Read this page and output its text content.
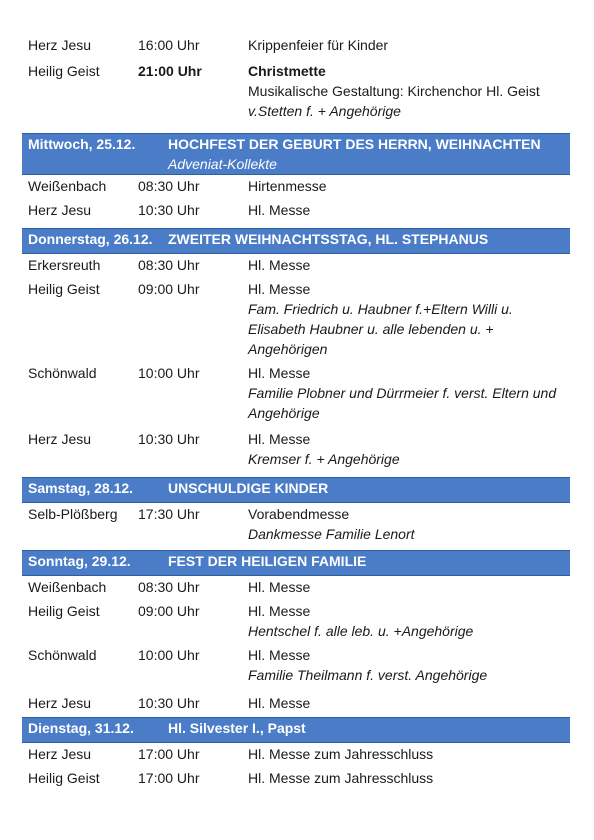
Herz Jesu	16:00 Uhr	Krippenfeier für Kinder
Heilig Geist	21:00 Uhr	Christmette
Musikalische Gestaltung: Kirchenchor Hl. Geist
v.Stetten f. + Angehörige
Mittwoch, 25.12. HOCHFEST DER GEBURT DES HERRN, WEIHNACHTEN
Adveniat-Kollekte
Weißenbach 08:30 Uhr	Hirtenmesse
Herz Jesu	10:30 Uhr	Hl. Messe
Donnerstag, 26.12. ZWEITER WEIHNACHTSSTAG, HL. STEPHANUS
Erkersreuth	08:30 Uhr	Hl. Messe
Heilig Geist	09:00 Uhr	Hl. Messe
Fam. Friedrich u. Haubner f.+Eltern Willi u.
Elisabeth Haubner u. alle lebenden u. +
Angehörigen
Schönwald	10:00 Uhr	Hl. Messe
Familie Plobner und Dürrmeier f. verst. Eltern und
Angehörige
Herz Jesu	10:30 Uhr	Hl. Messe
Kremser f. + Angehörige
Samstag, 28.12. UNSCHULDIGE KINDER
Selb-Plößberg 17:30 Uhr	Vorabendmesse
Dankmesse Familie Lenort
Sonntag, 29.12.	FEST DER HEILIGEN FAMILIE
Weißenbach 08:30 Uhr	Hl. Messe
Heilig Geist	09:00 Uhr	Hl. Messe
Hentschel f. alle leb. u. +Angehörige
Schönwald	10:00 Uhr	Hl. Messe
Familie Theilmann f. verst. Angehörige
Herz Jesu	10:30 Uhr	Hl. Messe
Dienstag, 31.12. Hl. Silvester I., Papst
Herz Jesu	17:00 Uhr	Hl. Messe zum Jahresschluss
Heilig Geist	17:00 Uhr	Hl. Messe zum Jahresschluss
